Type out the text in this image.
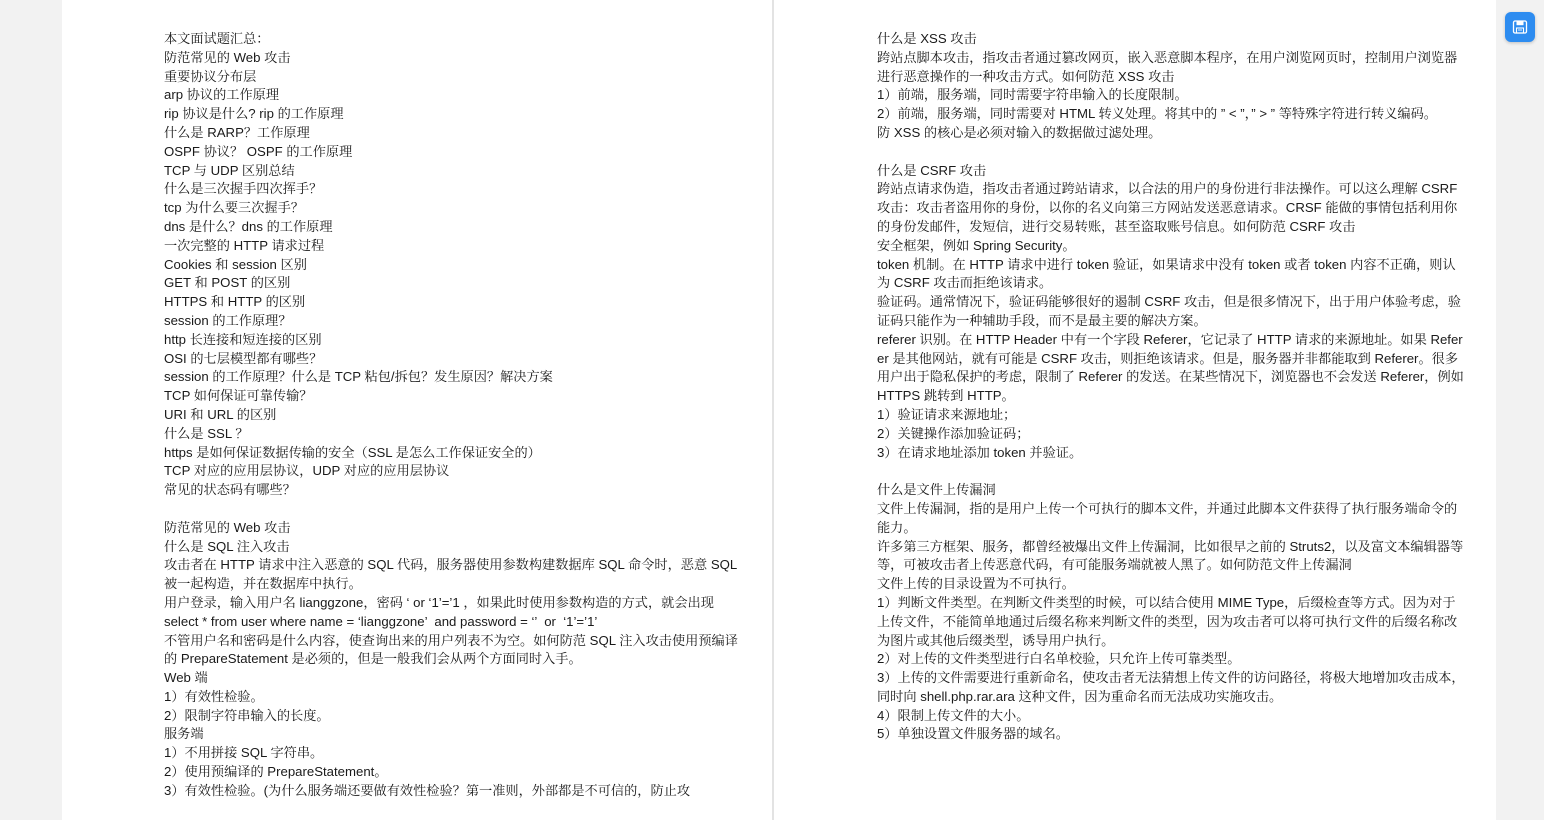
本文面试题汇总：
防范常见的 Web 攻击
重要协议分布层
arp 协议的工作原理
rip 协议是什么? rip 的工作原理
什么是 RARP？工作原理
OSPF 协议？ OSPF 的工作原理
TCP 与 UDP 区别总结
什么是三次握手四次挥手？
tcp 为什么要三次握手？
dns 是什么？dns 的工作原理
一次完整的 HTTP 请求过程
Cookies 和 session 区别
GET 和 POST 的区别
HTTPS 和 HTTP 的区别
session 的工作原理？
http 长连接和短连接的区别
OSI 的七层模型都有哪些？
session 的工作原理？什么是 TCP 粘包/拆包？发生原因？解决方案
TCP 如何保证可靠传输？
URI 和 URL 的区别
什么是 SSL ？
https 是如何保证数据传输的安全（SSL 是怎么工作保证安全的）
TCP 对应的应用层协议，UDP 对应的应用层协议
常见的状态码有哪些？
防范常见的 Web 攻击
什么是 SQL 注入攻击
攻击者在 HTTP 请求中注入恶意的 SQL 代码，服务器使用参数构建数据库 SQL 命令时，恶意 SQL 被一起构造，并在数据库中执行。
用户登录，输入用户名 lianggzone，密码 ‘ or ‘1’=’1 ，如果此时使用参数构造的方式，就会出现
select * from user where name = ‘lianggzone’  and password = ‘’  or  ‘1’=’1’
不管用户名和密码是什么内容，使查询出来的用户列表不为空。如何防范 SQL 注入攻击使用预编译的 PrepareStatement 是必须的，但是一般我们会从两个方面同时入手。
Web 端
1）有效性检验。
2）限制字符串输入的长度。
服务端
1）不用拼接 SQL 字符串。
2）使用预编译的 PrepareStatement。
3）有效性检验。(为什么服务端还要做有效性检验？第一准则，外部都是不可信的，防止攻
什么是 XSS 攻击
跨站点脚本攻击，指攻击者通过篡改网页，嵌入恶意脚本程序，在用户浏览网页时，控制用户浏览器进行恶意操作的一种攻击方式。如何防范 XSS 攻击
1）前端，服务端，同时需要字符串输入的长度限制。
2）前端，服务端，同时需要对 HTML 转义处理。将其中的 ” < ”，” > ” 等特殊字符进行转义编码。
防 XSS 的核心是必须对输入的数据做过滤处理。
什么是 CSRF 攻击
跨站点请求伪造，指攻击者通过跨站请求，以合法的用户的身份进行非法操作。可以这么理解 CSRF 攻击：攻击者盗用你的身份，以你的名义向第三方网站发送恶意请求。CRSF 能做的事情包括利用你的身份发邮件，发短信，进行交易转账，甚至盗取账号信息。如何防范 CSRF 攻击
安全框架，例如 Spring Security。
token 机制。在 HTTP 请求中进行 token 验证，如果请求中没有 token 或者 token 内容不正确，则认为 CSRF 攻击而拒绝该请求。
验证码。通常情况下，验证码能够很好的遏制 CSRF 攻击，但是很多情况下，出于用户体验考虑，验证码只能作为一种辅助手段，而不是最主要的解决方案。
referer 识别。在 HTTP Header 中有一个字段 Referer，它记录了 HTTP 请求的来源地址。如果 Referer 是其他网站，就有可能是 CSRF 攻击，则拒绝该请求。但是，服务器并非都能取到 Referer。很多用户出于隐私保护的考虑，限制了 Referer 的发送。在某些情况下，浏览器也不会发送 Referer，例如 HTTPS 跳转到 HTTP。
1）验证请求来源地址；
2）关键操作添加验证码；
3）在请求地址添加 token 并验证。
什么是文件上传漏洞
文件上传漏洞，指的是用户上传一个可执行的脚本文件，并通过此脚本文件获得了执行服务端命令的能力。
许多第三方框架、服务，都曾经被爆出文件上传漏洞，比如很早之前的 Struts2，以及富文本编辑器等等，可被攻击者上传恶意代码，有可能服务端就被人黑了。如何防范文件上传漏洞
文件上传的目录设置为不可执行。
1）判断文件类型。在判断文件类型的时候，可以结合使用 MIME Type，后缀检查等方式。因为对于上传文件，不能简单地通过后缀名称来判断文件的类型，因为攻击者可以将可执行文件的后缀名称改为图片或其他后缀类型，诱导用户执行。
2）对上传的文件类型进行白名单校验，只允许上传可靠类型。
3）上传的文件需要进行重新命名，使攻击者无法猜想上传文件的访问路径，将极大地增加攻击成本，同时向 shell.php.rar.ara 这种文件，因为重命名而无法成功实施攻击。
4）限制上传文件的大小。
5）单独设置文件服务器的域名。
